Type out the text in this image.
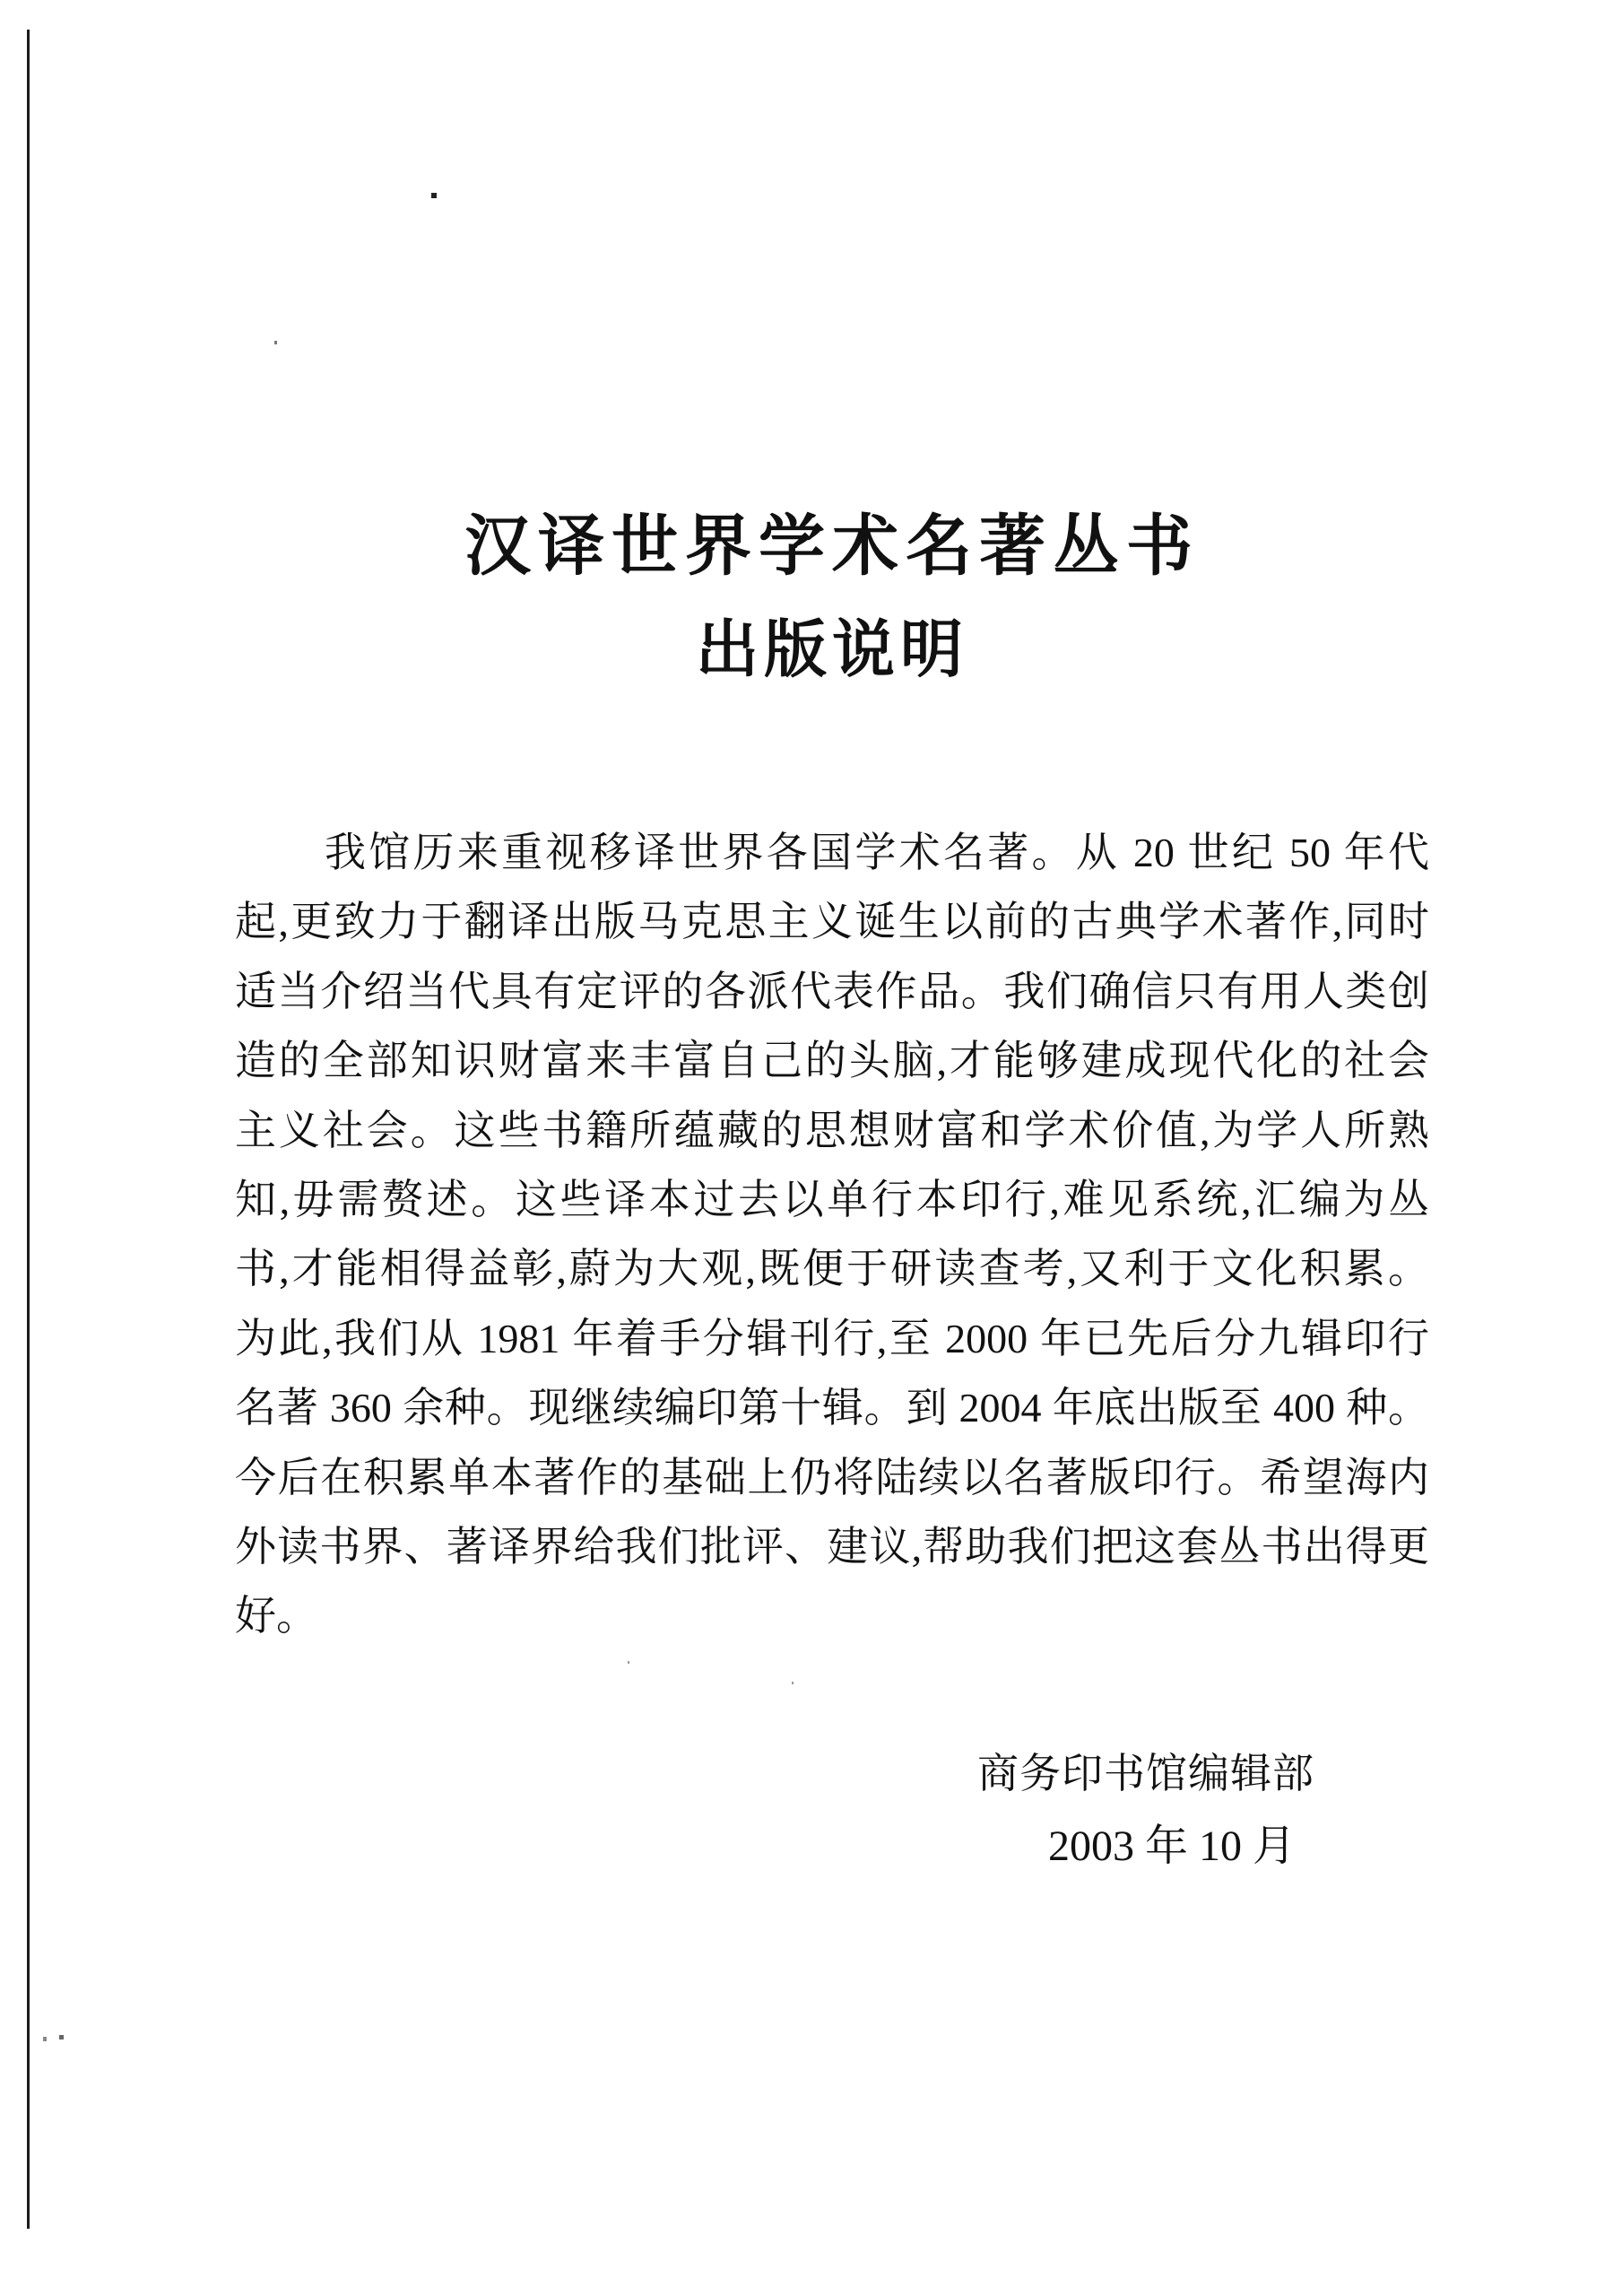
汉译世界学术名著丛书
出版说明
我馆历来重视移译世界各国学术名著。从 20 世纪 50 年代
起,更致力于翻译出版马克思主义诞生以前的古典学术著作,同时
适当介绍当代具有定评的各派代表作品。我们确信只有用人类创
造的全部知识财富来丰富自己的头脑,才能够建成现代化的社会
主义社会。这些书籍所蕴藏的思想财富和学术价值,为学人所熟
知,毋需赘述。这些译本过去以单行本印行,难见系统,汇编为丛
书,才能相得益彰,蔚为大观,既便于研读查考,又利于文化积累。
为此,我们从 1981 年着手分辑刊行,至 2000 年已先后分九辑印行
名著 360 余种。现继续编印第十辑。到 2004 年底出版至 400 种。
今后在积累单本著作的基础上仍将陆续以名著版印行。希望海内
外读书界、著译界给我们批评、建议,帮助我们把这套丛书出得更
好。
商务印书馆编辑部
2003 年 10 月
